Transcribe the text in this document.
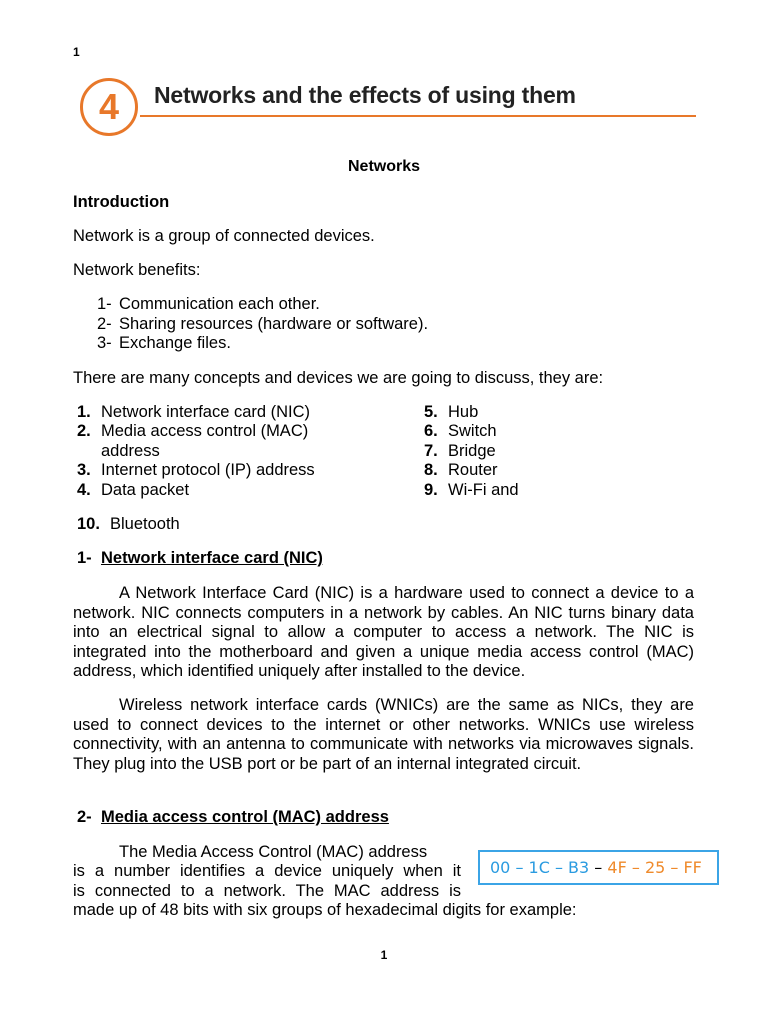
1
4	Networks and the effects of using them
Networks
Introduction
Network is a group of connected devices.
Network benefits:
1- Communication each other.
2- Sharing resources (hardware or software).
3- Exchange files.
There are many concepts and devices we are going to discuss, they are:
1. Network interface card (NIC)
2. Media access control (MAC)
address
3. Internet protocol (IP) address
4. Data packet
5. Hub
6. Switch
7. Bridge
8. Router
9. Wi-Fi and
10. Bluetooth
1- Network interface card (NIC)
A Network Interface Card (NIC) is a hardware used to connect a device to a network. NIC connects computers in a network by cables. An NIC turns binary data into an electrical signal to allow a computer to access a network. The NIC is integrated into the motherboard and given a unique media access control (MAC) address, which identified uniquely after installed to the device.
Wireless network interface cards (WNICs) are the same as NICs, they are used to connect devices to the internet or other networks. WNICs use wireless connectivity, with an antenna to communicate with networks via microwaves signals. They plug into the USB port or be part of an internal integrated circuit.
2- Media access control (MAC) address
The Media Access Control (MAC) address
is a number identifies a device uniquely when it
is connected to a network. The MAC address is
made up of 48 bits with six groups of hexadecimal digits for example:
00 – 1C – B3 – 4F – 25 – FF
1
